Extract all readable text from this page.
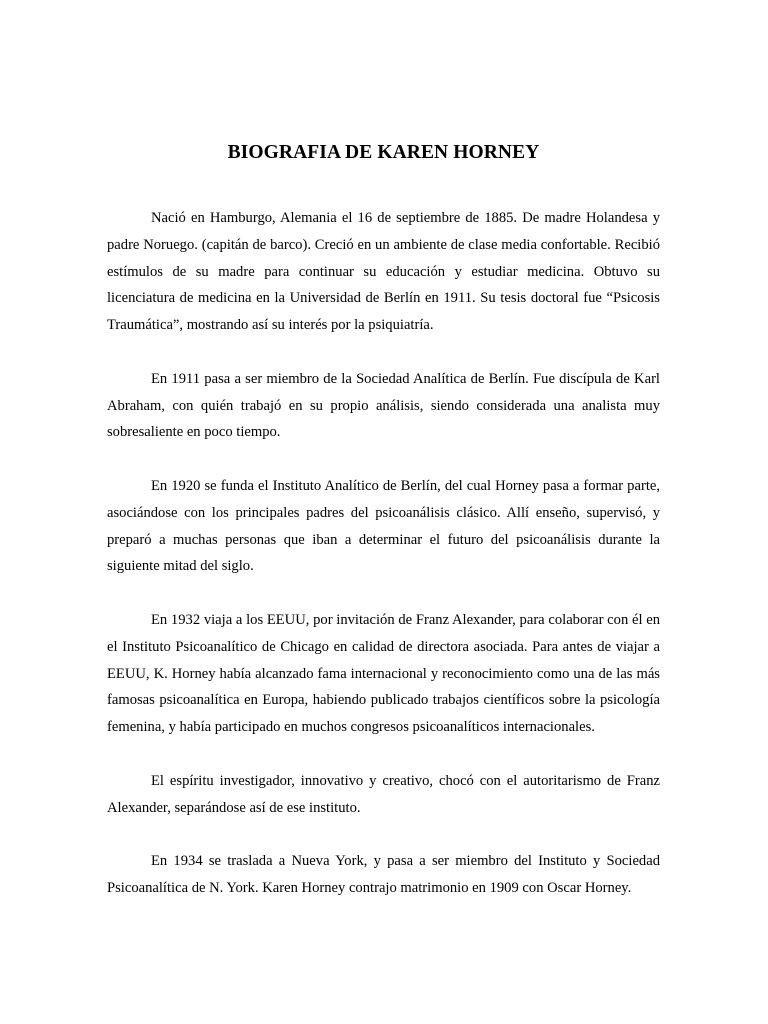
BIOGRAFIA DE KAREN HORNEY

Nació en Hamburgo, Alemania el 16 de septiembre de 1885. De madre Holandesa y padre Noruego. (capitán de barco). Creció en un ambiente de clase media confortable. Recibió estímulos de su madre para continuar su educación y estudiar medicina. Obtuvo su licenciatura de medicina en la Universidad de Berlín en 1911. Su tesis doctoral fue “Psicosis Traumática”, mostrando así su interés por la psiquiatría.

En 1911 pasa a ser miembro de la Sociedad Analítica de Berlín. Fue discípula de Karl Abraham, con quién trabajó en su propio análisis, siendo considerada una analista muy sobresaliente en poco tiempo.

En 1920 se funda el Instituto Analítico de Berlín, del cual Horney pasa a formar parte, asociándose con los principales padres del psicoanálisis clásico. Allí enseño, supervisó, y preparó a muchas personas que iban a determinar el futuro del psicoanálisis durante la siguiente mitad del siglo.

En 1932 viaja a los EEUU, por invitación de Franz Alexander, para colaborar con él en el Instituto Psicoanalítico de Chicago en calidad de directora asociada. Para antes de viajar a EEUU, K. Horney había alcanzado fama internacional y reconocimiento como una de las más famosas psicoanalítica en Europa, habiendo publicado trabajos científicos sobre la psicología femenina, y había participado en muchos congresos psicoanalíticos internacionales.

El espíritu investigador, innovativo y creativo, chocó con el autoritarismo de Franz Alexander, separándose así de ese instituto.

En 1934 se traslada a Nueva York, y pasa a ser miembro del Instituto y Sociedad Psicoanalítica de N. York. Karen Horney contrajo matrimonio en 1909 con Oscar Horney.
